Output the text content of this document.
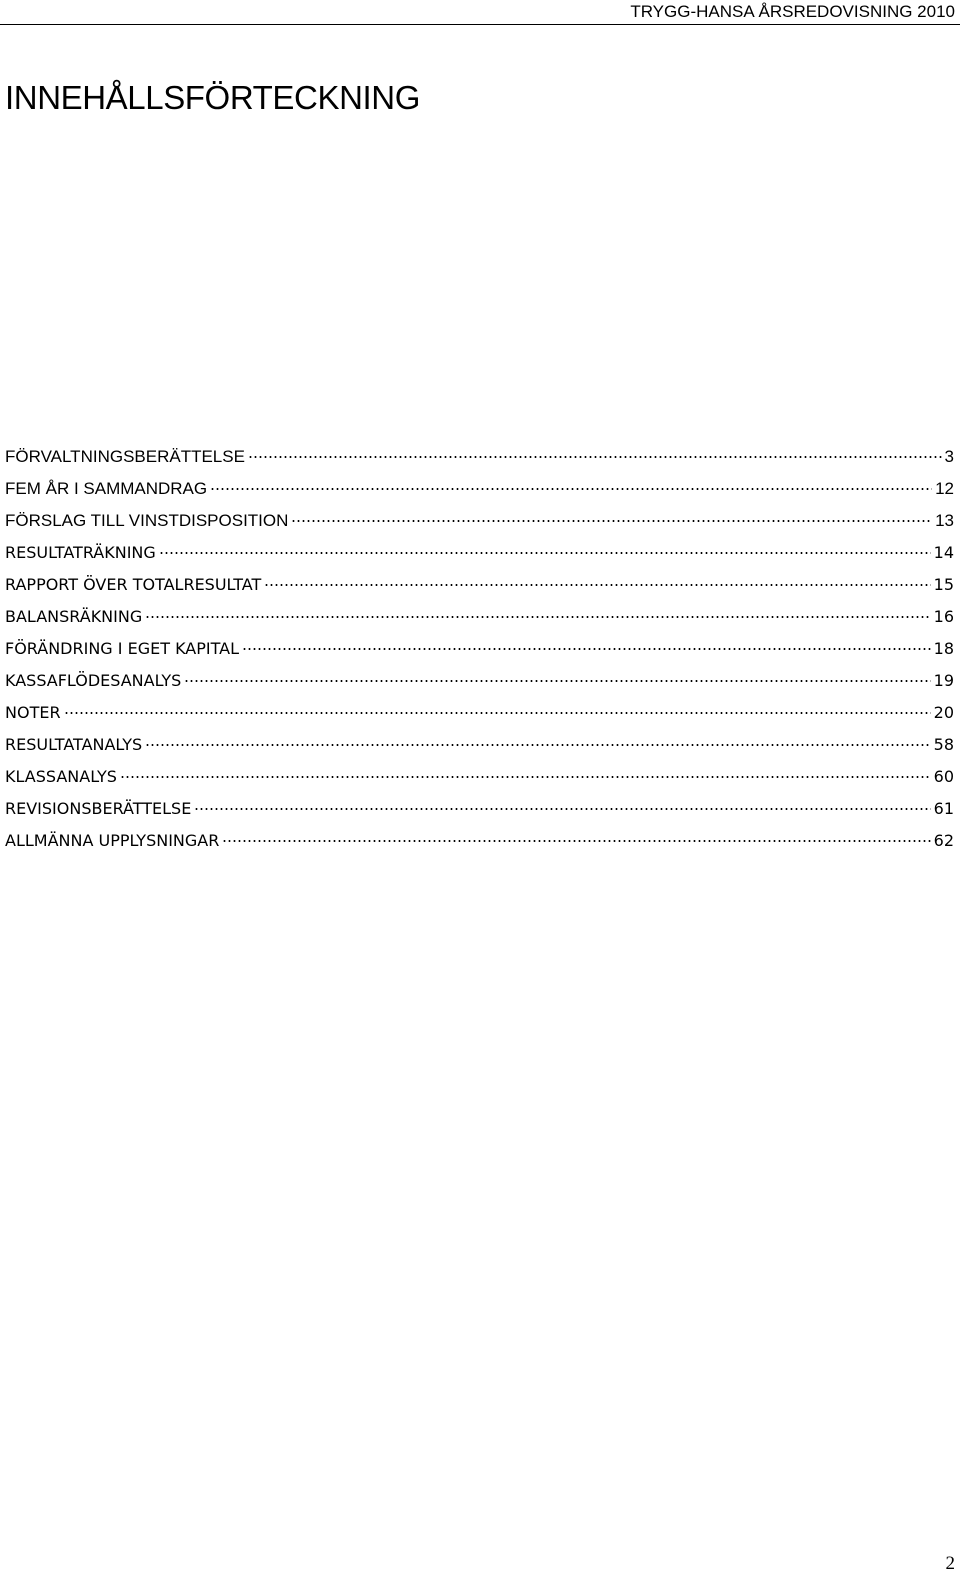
TRYGG-HANSA ÅRSREDOVISNING 2010
INNEHÅLLSFÖRTECKNING
FÖRVALTNINGSBERÄTTELSE	3
FEM ÅR I SAMMANDRAG	12
FÖRSLAG TILL VINSTDISPOSITION	13
RESULTATRÄKNING	14
RAPPORT ÖVER TOTALRESULTAT	15
BALANSRÄKNING	16
FÖRÄNDRING I EGET KAPITAL	18
KASSAFLÖDESANALYS	19
NOTER	20
RESULTATANALYS	58
KLASSANALYS	60
REVISIONSBERÄTTELSE	61
ALLMÄNNA UPPLYSNINGAR	62
2
